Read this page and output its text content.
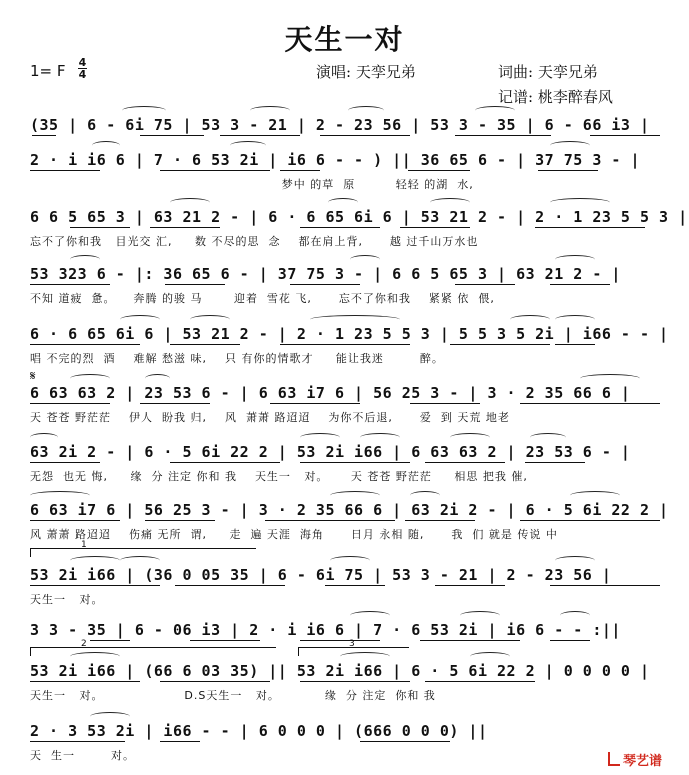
天生一对
1= F 4
4	演唱: 天孪兄弟	词曲: 天孪兄弟
记谱: 桃李醉春风
𝄋
(35 | 6 - 6i 75 | 53 3 - 21 | 2 - 23 56 | 53 3 - 35 | 6 - 66 i3 |
2 · i i6 6 | 7 · 6 53 2i | i6 6 - - ) || 36 65 6 - | 37 75 3 - |
梦中 的草  原         轻轻 的湖  水,
6 6 5 65 3 | 63 21 2 - | 6 · 6 65 6i 6 | 53 21 2 - | 2 · 1 23 5 5 3 |
忘不了你和我   目光交 汇,     数 不尽的思  念    都在肩上背,      越 过千山万水也
53 323 6 - |: 36 65 6 - | 37 75 3 - | 6 6 5 65 3 | 63 21 2 - |
不知 道疲  惫。    奔腾 的骏 马       迎着  雪花 飞,      忘不了你和我    紧紧 依  偎,
6 · 6 65 6i 6 | 53 21 2 - | 2 · 1 23 5 5 3 | 5 5 3 5 2i | i66 - - |
唱 不完的烈  酒    难解 愁滋 味,    只 有你的情歌才     能让我迷        醉。
6 63 63 2 | 23 53 6 - | 6 63 i7 6 | 56 25 3 - | 3 · 2 35 66 6 |
天 苍苍 野茫茫    伊人  盼我 归,    风  萧萧 路迢迢    为你不后退,      爱  到 天荒 地老
63 2i 2 - | 6 · 5 6i 22 2 | 53 2i i66 | 6 63 63 2 | 23 53 6 - |
无怨  也无 悔,     缘  分 注定 你和 我    天生一   对。     天 苍苍 野茫茫     相思 把我 催,
6 63 i7 6 | 56 25 3 - | 3 · 2 35 66 6 | 63 2i 2 - | 6 · 5 6i 22 2 |
风 萧萧 路迢迢    伤痛 无所  谓,     走  遍 天涯  海角      日月 永相 随,      我  们 就是 传说 中
1
53 2i i66 | (36 0 05 35 | 6 - 6i 75 | 53 3 - 21 | 2 - 23 56 |
天生一   对。
3 3 - 35 | 6 - 06 i3 | 2 · i i6 6 | 7 · 6 53 2i | i6 6 - - :||
2	3
53 2i i66 | (66 6 03 35) || 53 2i i66 | 6 · 5 6i 22 2 | 0 0 0 0 |
天生一   对。                  D.S天生一   对。          缘  分 注定  你和 我
2 · 3 53 2i | i66 - - | 6 0 0 0 | (666 0 0 0) ||
天  生一        对。	琴艺谱
